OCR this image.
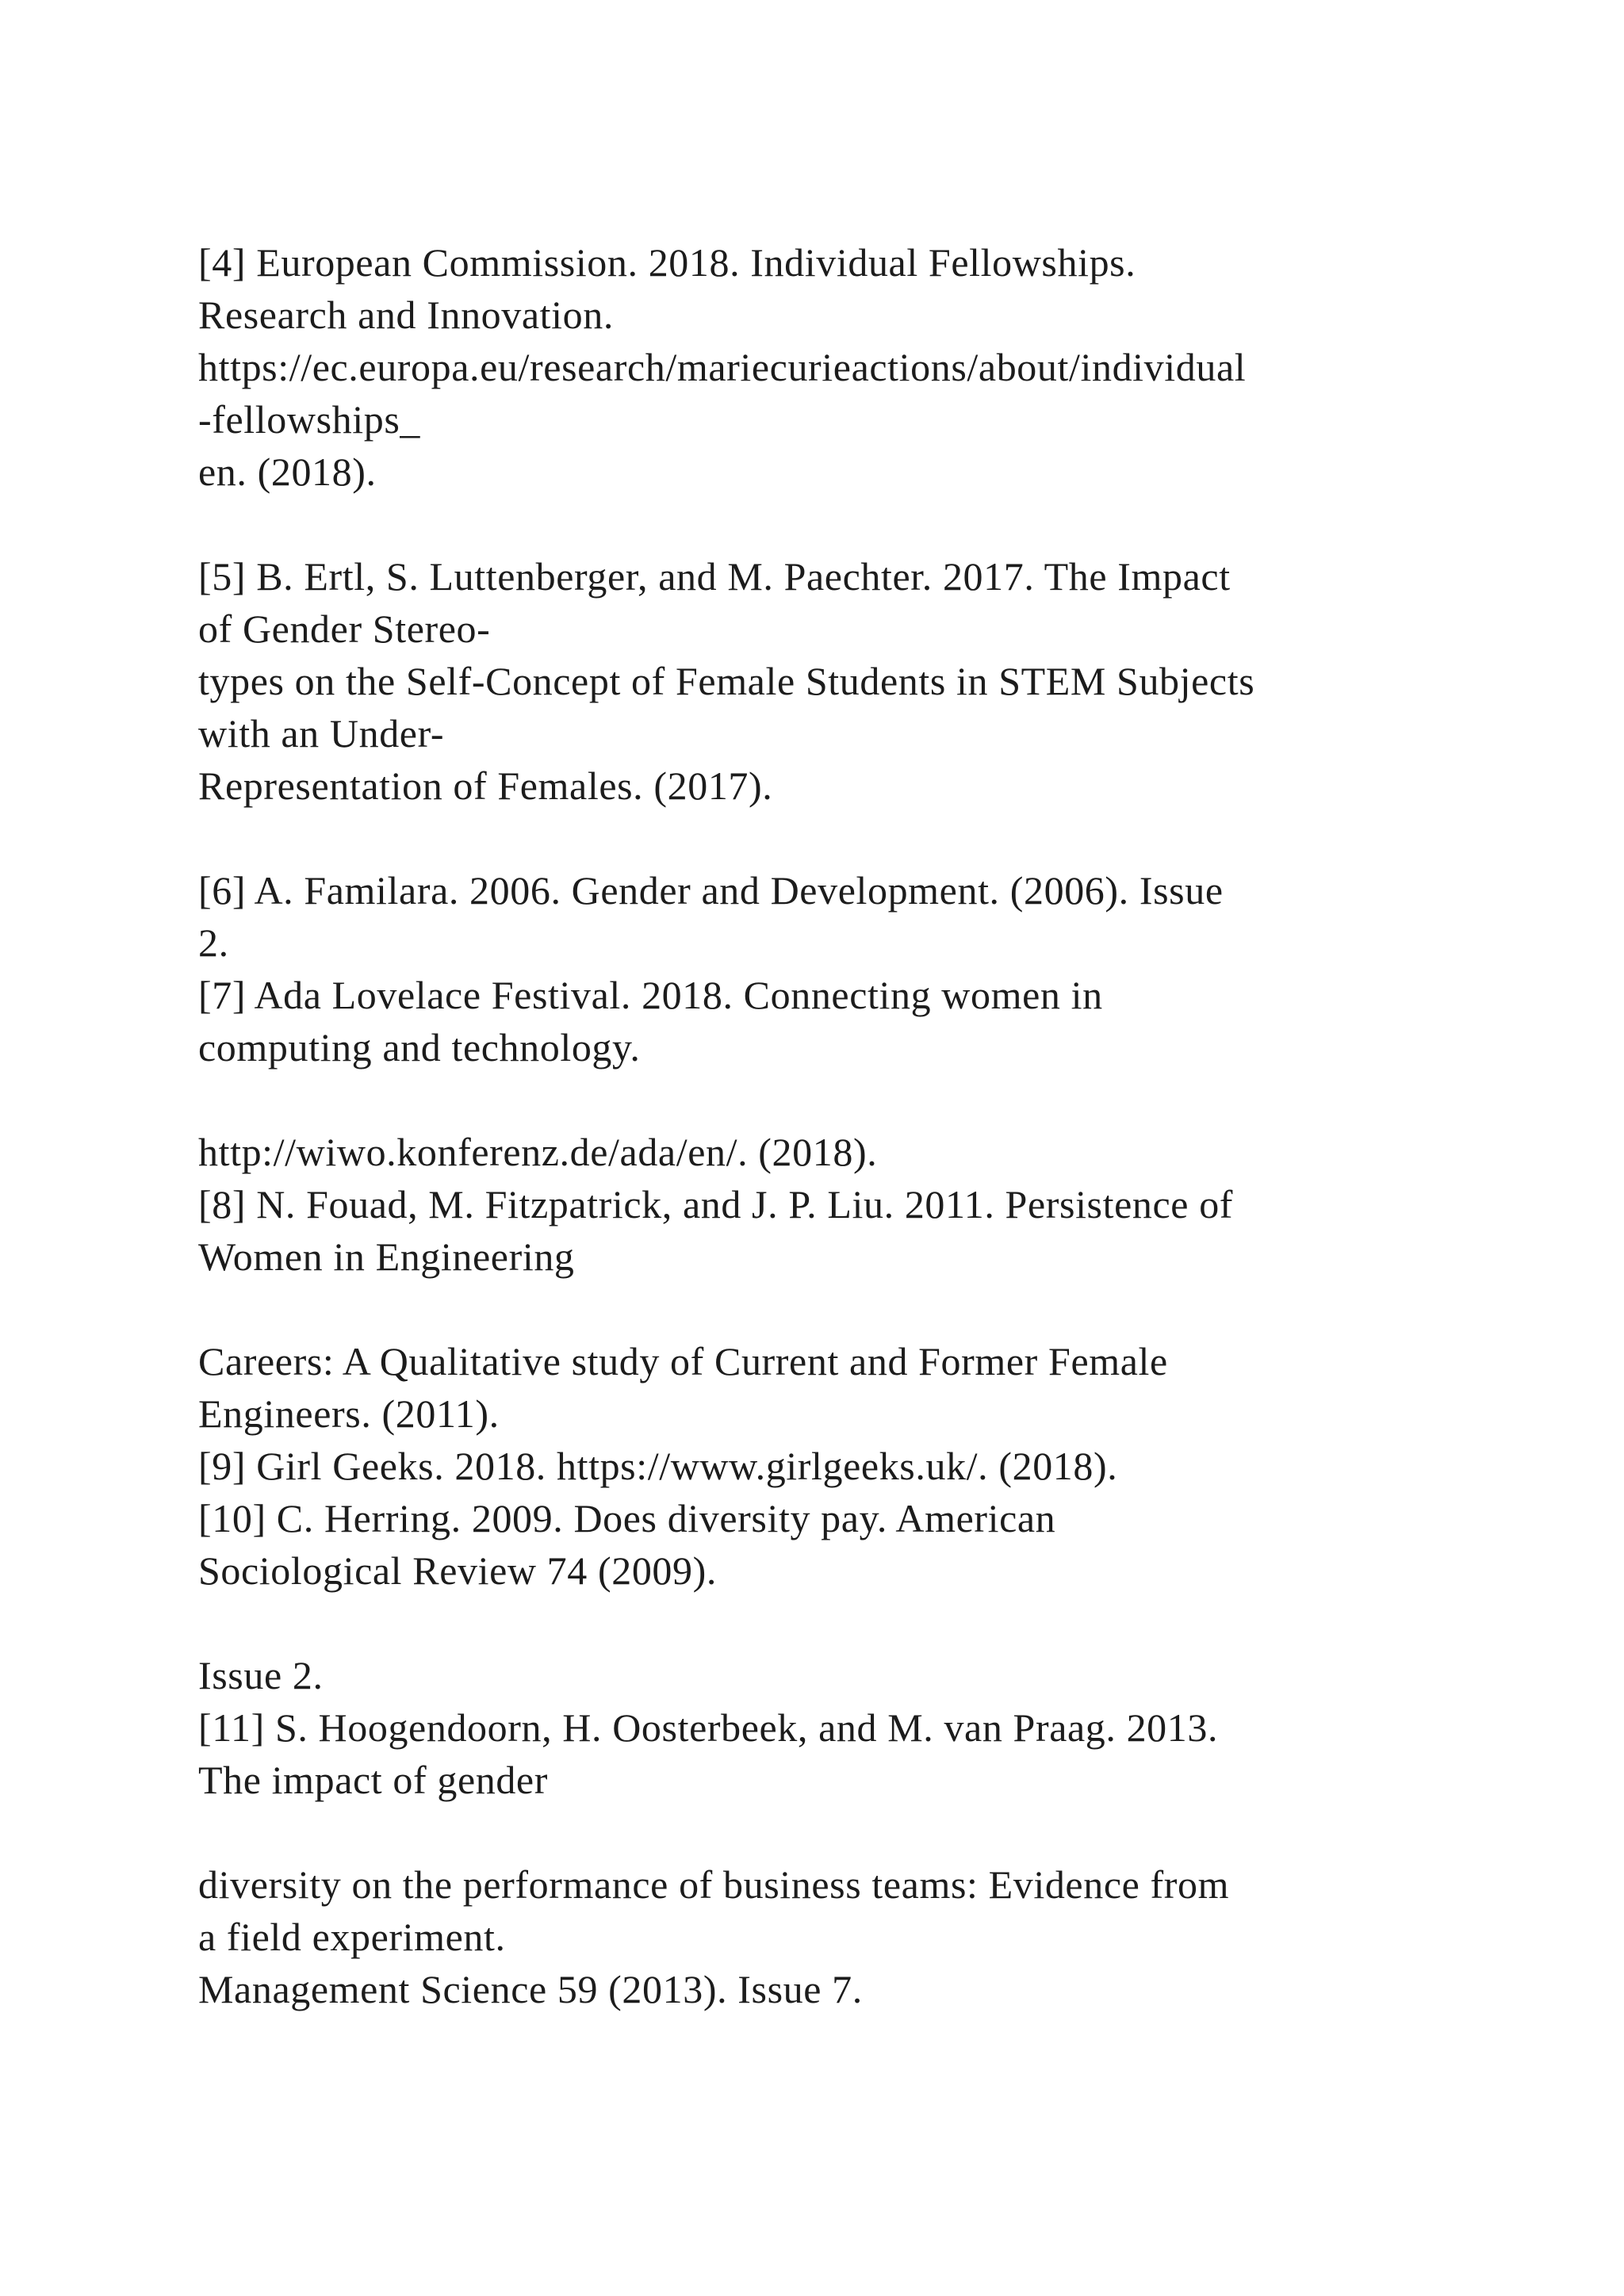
[4] European Commission. 2018. Individual Fellowships.
Research and Innovation.
https://ec.europa.eu/research/mariecurieactions/about/individual
-fellowships_
en. (2018).
[5] B. Ertl, S. Luttenberger, and M. Paechter. 2017. The Impact
of Gender Stereo-
types on the Self-Concept of Female Students in STEM Subjects
with an Under-
Representation of Females. (2017).
[6] A. Familara. 2006. Gender and Development. (2006). Issue
2.
[7] Ada Lovelace Festival. 2018. Connecting women in
computing and technology.
http://wiwo.konferenz.de/ada/en/. (2018).
[8] N. Fouad, M. Fitzpatrick, and J. P. Liu. 2011. Persistence of
Women in Engineering
Careers: A Qualitative study of Current and Former Female
Engineers. (2011).
[9] Girl Geeks. 2018. https://www.girlgeeks.uk/. (2018).
[10] C. Herring. 2009. Does diversity pay. American
Sociological Review 74 (2009).
Issue 2.
[11] S. Hoogendoorn, H. Oosterbeek, and M. van Praag. 2013.
The impact of gender
diversity on the performance of business teams: Evidence from
a field experiment.
Management Science 59 (2013). Issue 7.
